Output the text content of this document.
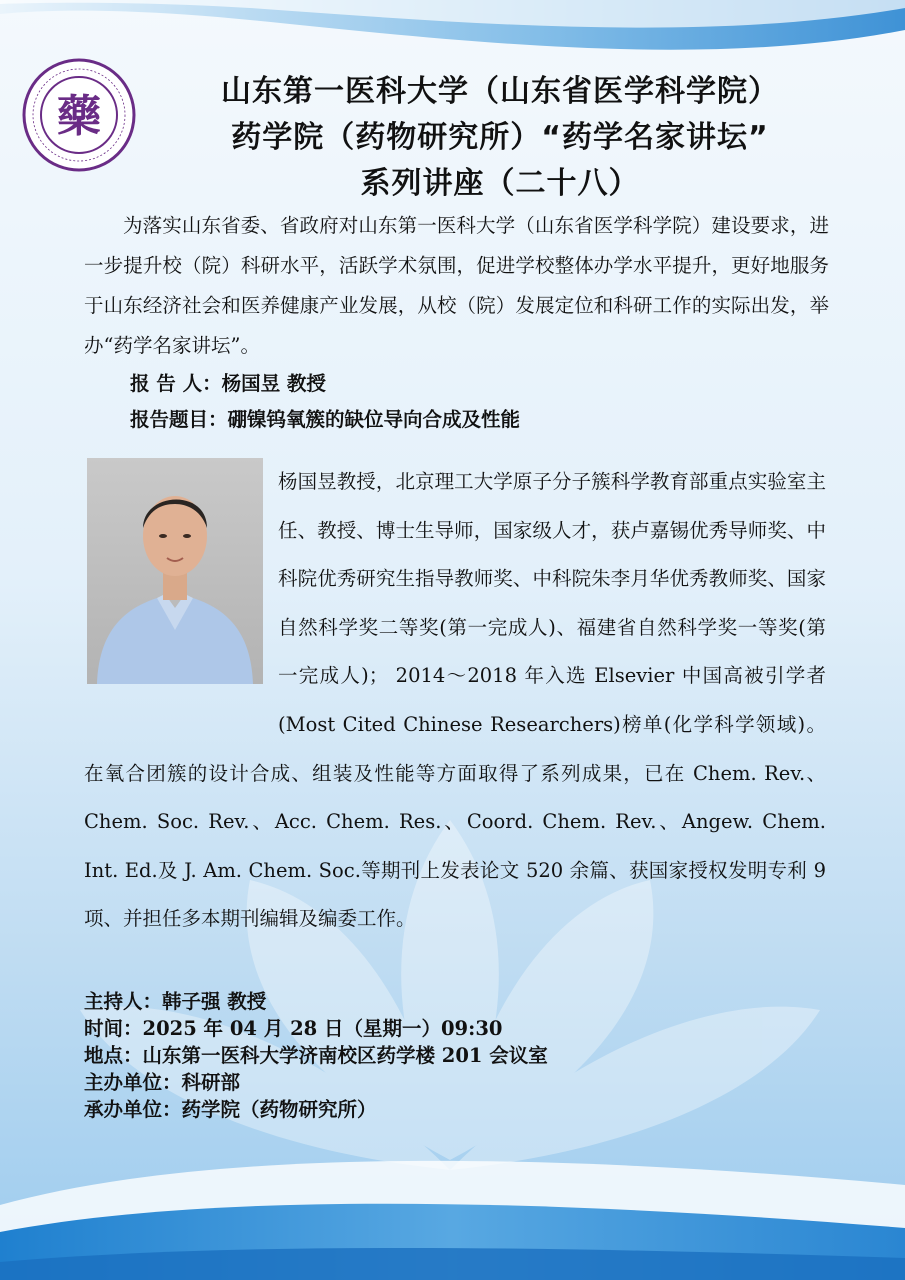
藥	山东第一医科大学（山东省医学科学院）
药学院（药物研究所）“药学名家讲坛”
系列讲座（二十八）
为落实山东省委、省政府对山东第一医科大学（山东省医学科学院）建设要求，进一步提升校（院）科研水平，活跃学术氛围，促进学校整体办学水平提升，更好地服务于山东经济社会和医养健康产业发展，从校（院）发展定位和科研工作的实际出发，举办“药学名家讲坛”。
报 告 人：杨国昱 教授
报告题目：硼镍钨氧簇的缺位导向合成及性能
杨国昱教授，北京理工大学原子分子簇科学教育部重点实验室主任、教授、博士生导师，国家级人才，获卢嘉锡优秀导师奖、中科院优秀研究生指导教师奖、中科院朱李月华优秀教师奖、国家自然科学奖二等奖(第一完成人)、福建省自然科学奖一等奖(第一完成人)； 2014～2018 年入选 Elsevier 中国高被引学者(Most Cited Chinese Researchers)榜单(化学科学领域)。在氧合团簇的设计合成、组装及性能等方面取得了系列成果，已在 Chem. Rev.、Chem. Soc. Rev.、Acc. Chem. Res.、Coord. Chem. Rev.、Angew. Chem. Int. Ed.及 J. Am. Chem. Soc.等期刊上发表论文 520 余篇、获国家授权发明专利 9 项、并担任多本期刊编辑及编委工作。
主持人：韩子强 教授
时间：2025 年 04 月 28 日（星期一）09:30
地点：山东第一医科大学济南校区药学楼 201 会议室
主办单位：科研部
承办单位：药学院（药物研究所）
